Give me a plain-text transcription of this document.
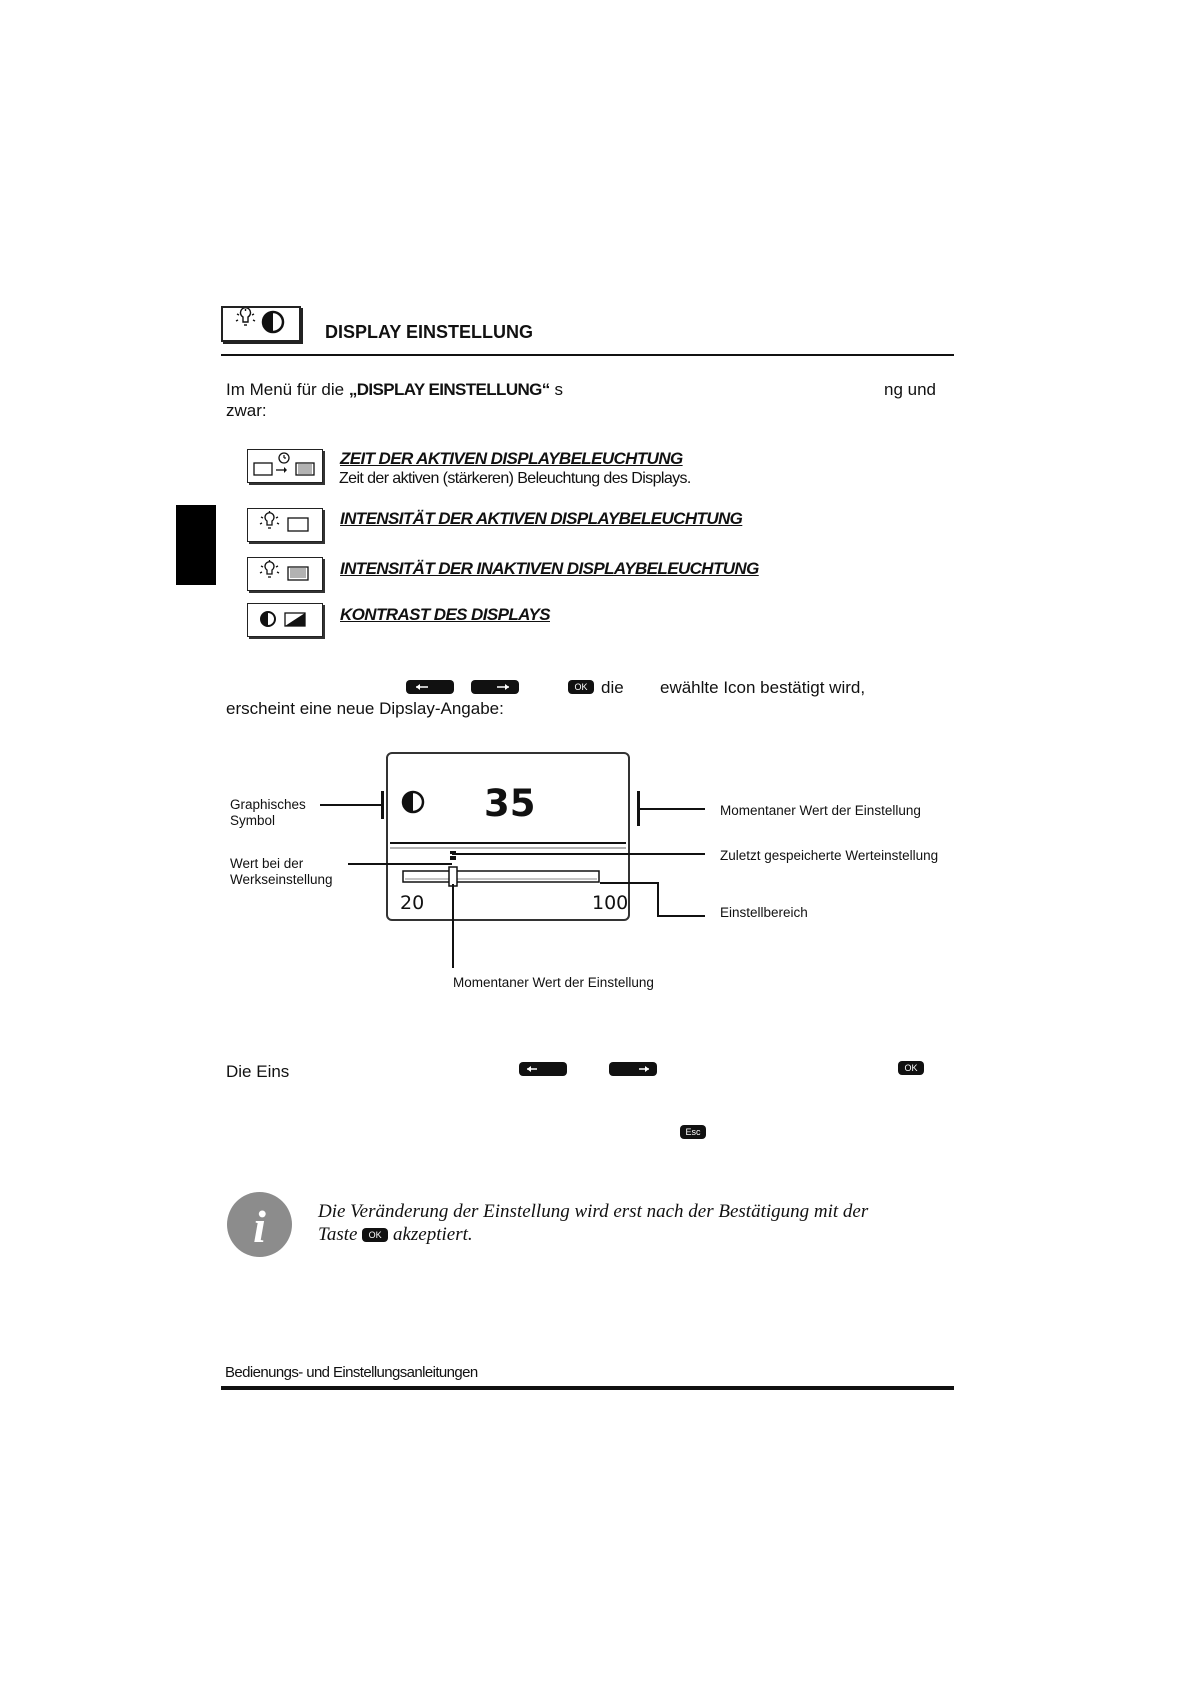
DISPLAY EINSTELLUNG
Im Menü für die „DISPLAY EINSTELLUNG“ s	ng und
zwar:
ZEIT DER AKTIVEN DISPLAYBELEUCHTUNG
Zeit der aktiven (stärkeren) Beleuchtung des Displays.
INTENSITÄT DER AKTIVEN DISPLAYBELEUCHTUNG
INTENSITÄT DER INAKTIVEN DISPLAYBELEUCHTUNG
KONTRAST DES DISPLAYS
OK die ewählte Icon bestätigt wird,
erscheint eine neue Dipslay-Angabe:
35
20	100
Graphisches
Symbol
Wert bei der
Werkseinstellung
Momentaner Wert der Einstellung
Zuletzt gespeicherte Werteinstellung
Einstellbereich
Momentaner Wert der Einstellung
Die Eins	OK
Esc
i	Die Veränderung der Einstellung wird erst nach der Bestätigung mit der
Taste OK akzeptiert.
Bedienungs- und Einstellungsanleitungen
